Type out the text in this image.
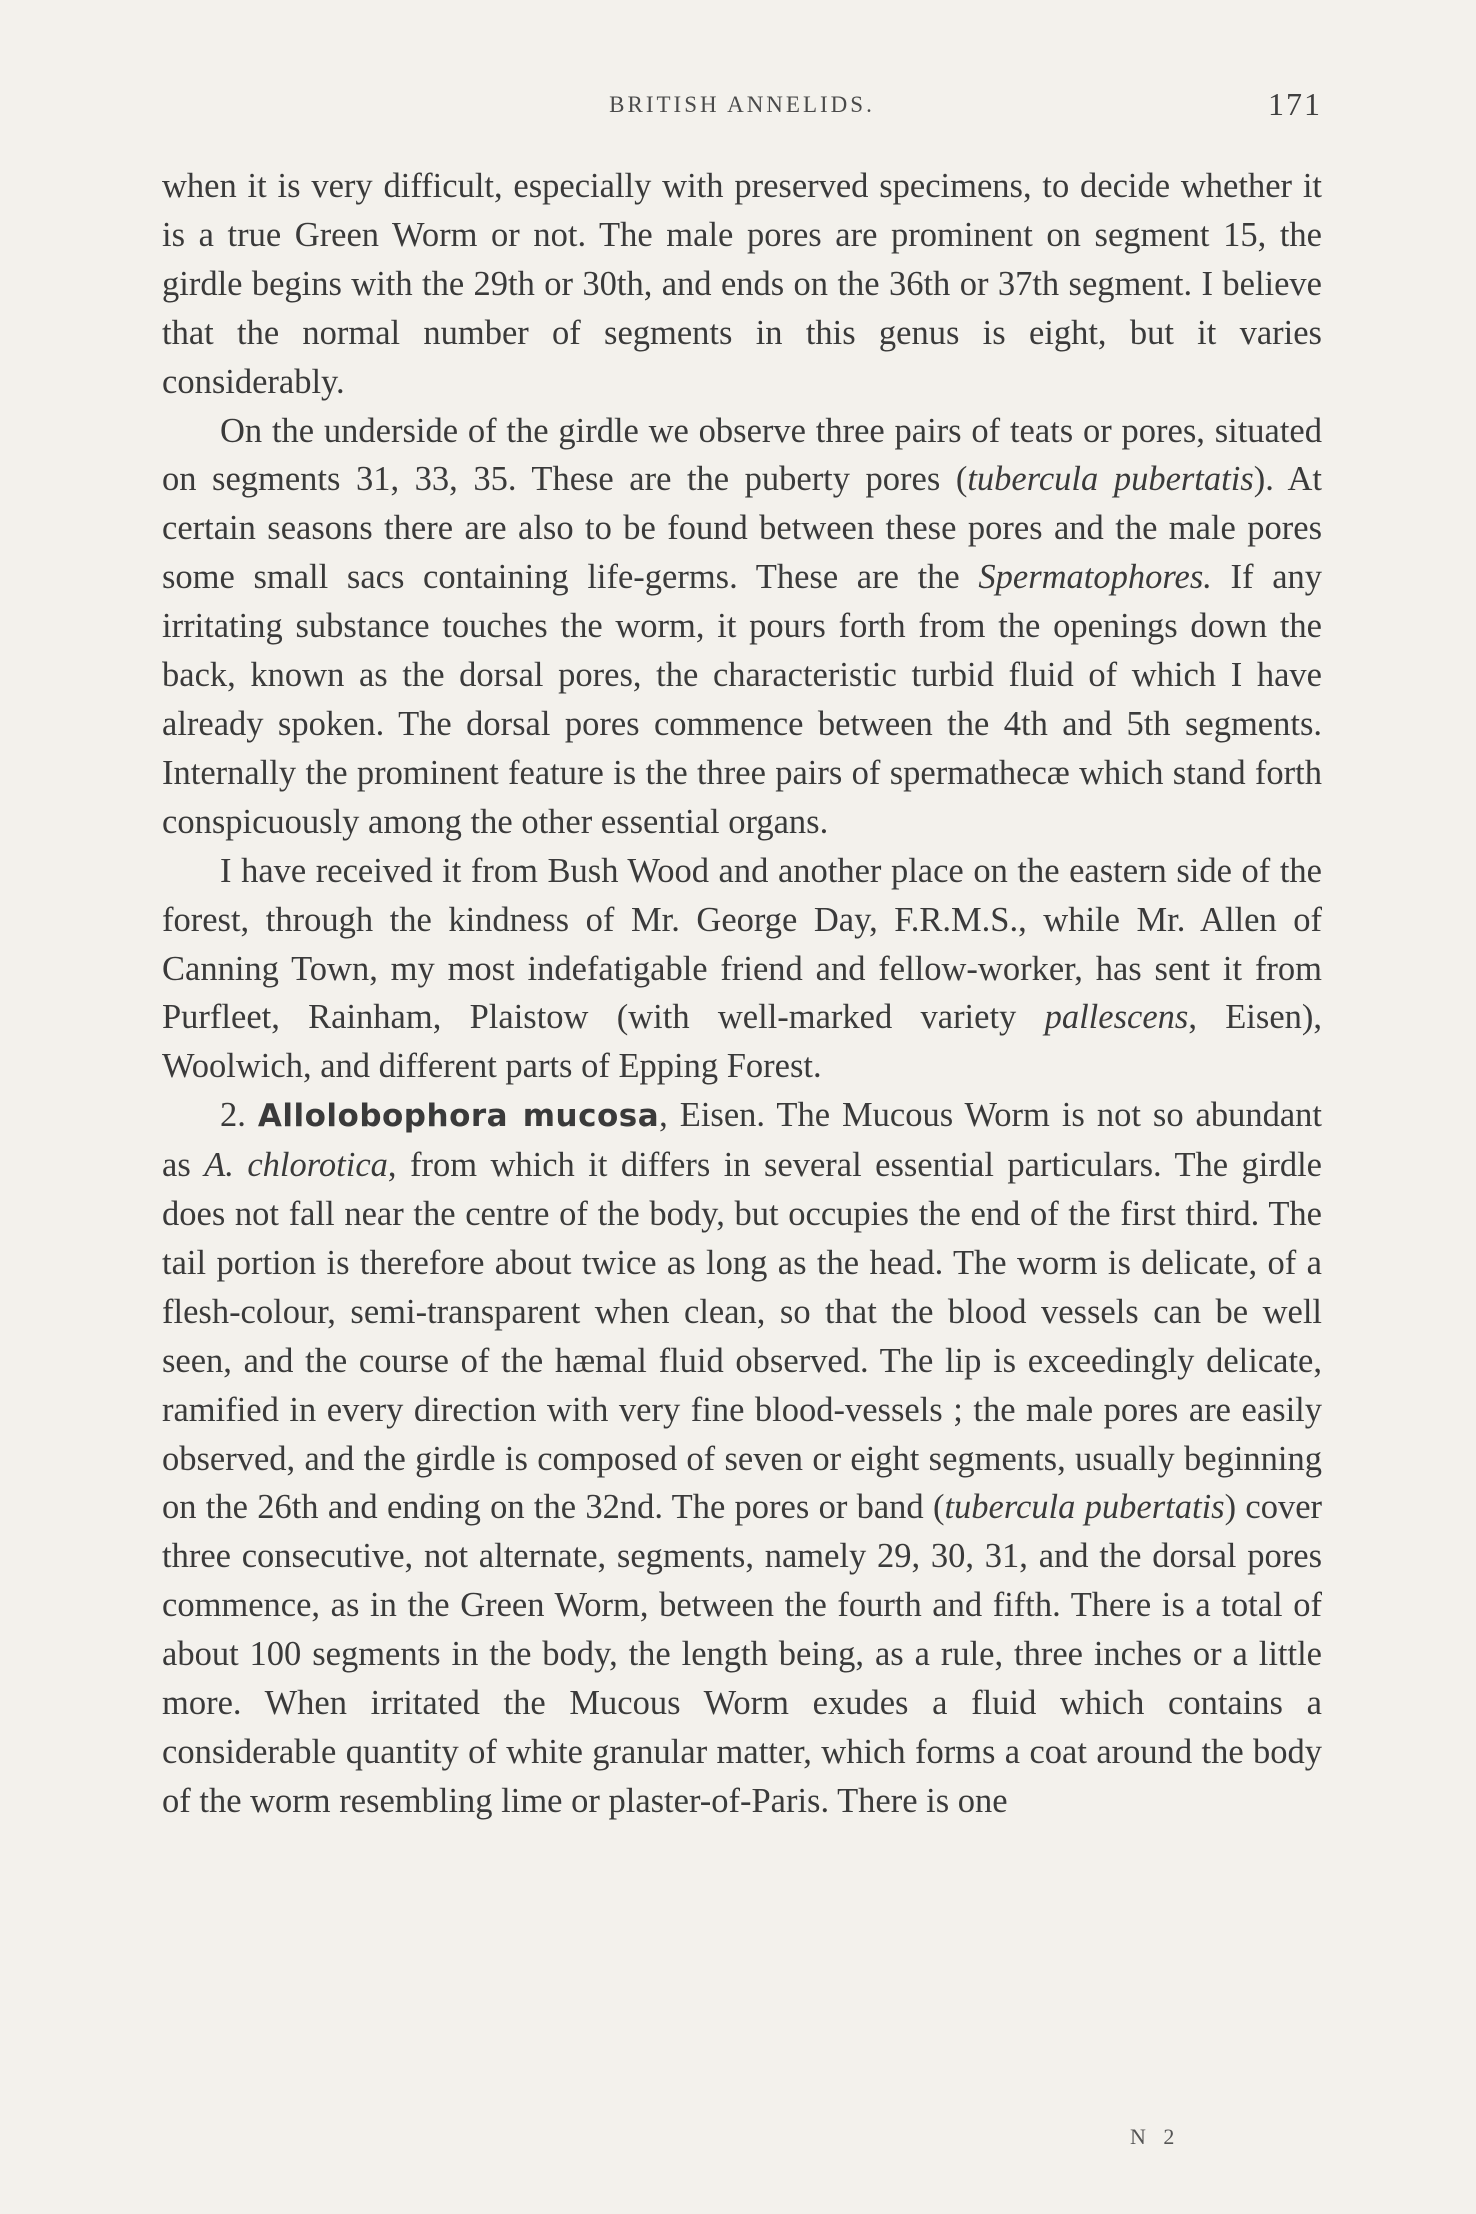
BRITISH ANNELIDS.	171

when it is very difficult, especially with preserved specimens, to decide whether it is a true Green Worm or not. The male pores are prominent on segment 15, the girdle begins with the 29th or 30th, and ends on the 36th or 37th segment. I believe that the normal number of segments in this genus is eight, but it varies considerably.

On the underside of the girdle we observe three pairs of teats or pores, situated on segments 31, 33, 35. These are the puberty pores (tubercula pubertatis). At certain seasons there are also to be found between these pores and the male pores some small sacs containing life-germs. These are the Spermatophores. If any irritating substance touches the worm, it pours forth from the openings down the back, known as the dorsal pores, the characteristic turbid fluid of which I have already spoken. The dorsal pores commence between the 4th and 5th segments. Internally the prominent feature is the three pairs of spermathecæ which stand forth conspicuously among the other essential organs.

I have received it from Bush Wood and another place on the eastern side of the forest, through the kindness of Mr. George Day, F.R.M.S., while Mr. Allen of Canning Town, my most indefatigable friend and fellow-worker, has sent it from Purfleet, Rainham, Plaistow (with well-marked variety pallescens, Eisen), Woolwich, and different parts of Epping Forest.

2. Allolobophora mucosa, Eisen. The Mucous Worm is not so abundant as A. chlorotica, from which it differs in several essential particulars. The girdle does not fall near the centre of the body, but occupies the end of the first third. The tail portion is therefore about twice as long as the head. The worm is delicate, of a flesh-colour, semi-transparent when clean, so that the blood vessels can be well seen, and the course of the hæmal fluid observed. The lip is exceedingly delicate, ramified in every direction with very fine blood-vessels ; the male pores are easily observed, and the girdle is composed of seven or eight segments, usually beginning on the 26th and ending on the 32nd. The pores or band (tubercula pubertatis) cover three consecutive, not alternate, segments, namely 29, 30, 31, and the dorsal pores commence, as in the Green Worm, between the fourth and fifth. There is a total of about 100 segments in the body, the length being, as a rule, three inches or a little more. When irritated the Mucous Worm exudes a fluid which contains a considerable quantity of white granular matter, which forms a coat around the body of the worm resembling lime or plaster-of-Paris. There is one

N 2
